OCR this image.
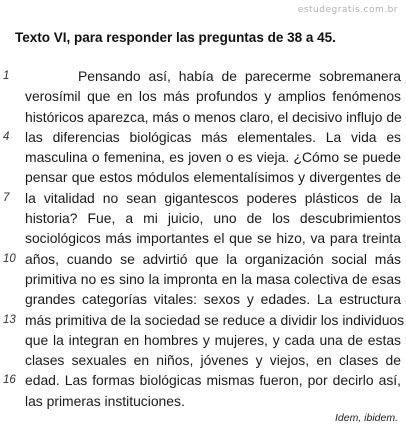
estudegratis.com.br
Texto VI, para responder las preguntas de 38 a 45.
1	Pensando así, había de parecerme sobremanera
verosímil que en los más profundos y amplios fenómenos
históricos aparezca, más o menos claro, el decisivo influjo de
4	las diferencias biológicas más elementales. La vida es
masculina o femenina, es joven o es vieja. ¿Cómo se puede
pensar que estos módulos elementalísimos y divergentes de
7	la vitalidad no sean gigantescos poderes plásticos de la
historia? Fue, a mi juicio, uno de los descubrimientos
sociológicos más importantes el que se hizo, va para treinta
10 años, cuando se advirtió que la organización social más
primitiva no es sino la impronta en la masa colectiva de esas
grandes categorías vitales: sexos y edades. La estructura
13 más primitiva de la sociedad se reduce a dividir los individuos
que la integran en hombres y mujeres, y cada una de estas
clases sexuales en niños, jóvenes y viejos, en clases de
16 edad. Las formas biológicas mismas fueron, por decirlo así,
las primeras instituciones.
Idem, ibidem.
